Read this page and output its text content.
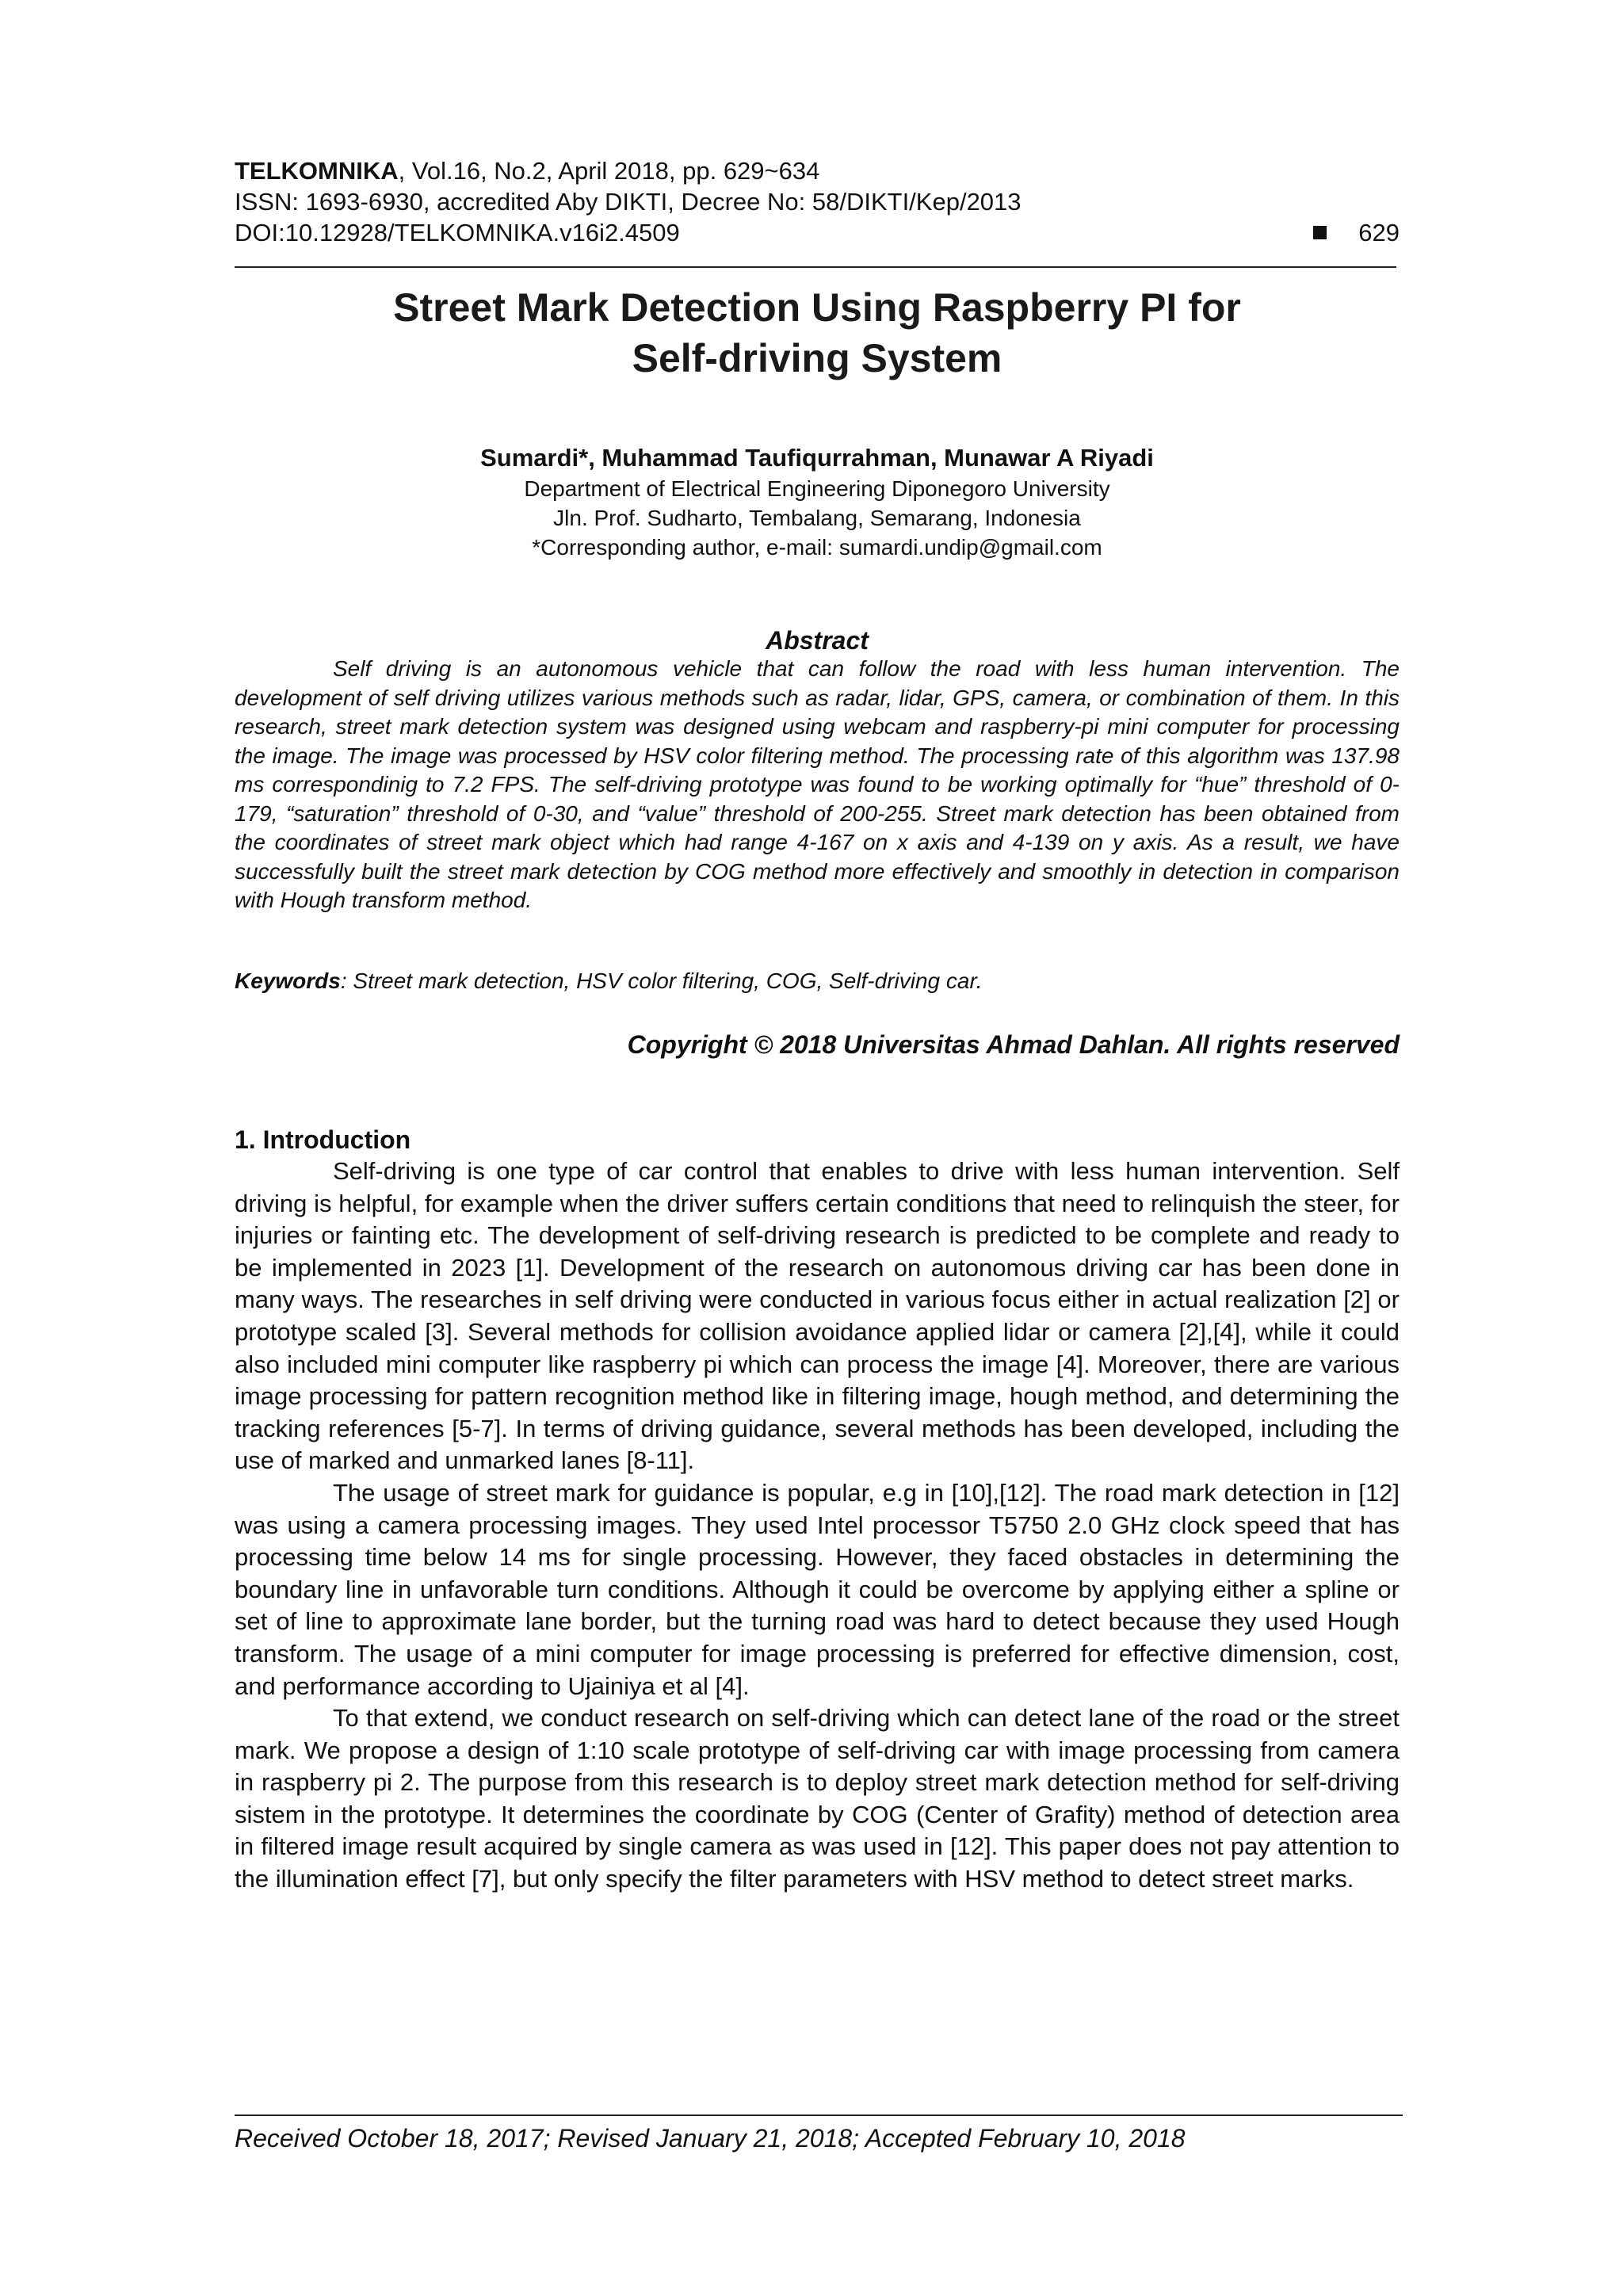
TELKOMNIKA, Vol.16, No.2, April 2018, pp. 629~634
ISSN: 1693-6930, accredited Aby DIKTI, Decree No: 58/DIKTI/Kep/2013
DOI:10.12928/TELKOMNIKA.v16i2.4509	629
Street Mark Detection Using Raspberry PI for
Self-driving System
Sumardi*, Muhammad Taufiqurrahman, Munawar A Riyadi
Department of Electrical Engineering Diponegoro University
Jln. Prof. Sudharto, Tembalang, Semarang, Indonesia
*Corresponding author, e-mail: sumardi.undip@gmail.com
Abstract

Self driving is an autonomous vehicle that can follow the road with less human intervention. The development of self driving utilizes various methods such as radar, lidar, GPS, camera, or combination of them. In this research, street mark detection system was designed using webcam and raspberry-pi mini computer for processing the image. The image was processed by HSV color filtering method. The processing rate of this algorithm was 137.98 ms correspondinig to 7.2 FPS. The self-driving prototype was found to be working optimally for “hue” threshold of 0-179, “saturation” threshold of 0-30, and “value” threshold of 200-255. Street mark detection has been obtained from the coordinates of street mark object which had range 4-167 on x axis and 4-139 on y axis. As a result, we have successfully built the street mark detection by COG method more effectively and smoothly in detection in comparison with Hough transform method.

Keywords: Street mark detection, HSV color filtering, COG, Self-driving car.
Copyright © 2018 Universitas Ahmad Dahlan. All rights reserved
1. Introduction

Self-driving is one type of car control that enables to drive with less human intervention. Self driving is helpful, for example when the driver suffers certain conditions that need to relinquish the steer, for injuries or fainting etc. The development of self-driving research is predicted to be complete and ready to be implemented in 2023 [1]. Development of the research on autonomous driving car has been done in many ways. The researches in self driving were conducted in various focus either in actual realization [2] or prototype scaled [3]. Several methods for collision avoidance applied lidar or camera [2],[4], while it could also included mini computer like raspberry pi which can process the image [4]. Moreover, there are various image processing for pattern recognition method like in filtering image, hough method, and determining the tracking references [5-7]. In terms of driving guidance, several methods has been developed, including the use of marked and unmarked lanes [8-11].

The usage of street mark for guidance is popular, e.g in [10],[12]. The road mark detection in [12] was using a camera processing images. They used Intel processor T5750 2.0 GHz clock speed that has processing time below 14 ms for single processing. However, they faced obstacles in determining the boundary line in unfavorable turn conditions. Although it could be overcome by applying either a spline or set of line to approximate lane border, but the turning road was hard to detect because they used Hough transform. The usage of a mini computer for image processing is preferred for effective dimension, cost, and performance according to Ujainiya et al [4].

To that extend, we conduct research on self-driving which can detect lane of the road or the street mark. We propose a design of 1:10 scale prototype of self-driving car with image processing from camera in raspberry pi 2. The purpose from this research is to deploy street mark detection method for self-driving sistem in the prototype. It determines the coordinate by COG (Center of Grafity) method of detection area in filtered image result acquired by single camera as was used in [12]. This paper does not pay attention to the illumination effect [7], but only specify the filter parameters with HSV method to detect street marks.

Received October 18, 2017; Revised January 21, 2018; Accepted February 10, 2018
